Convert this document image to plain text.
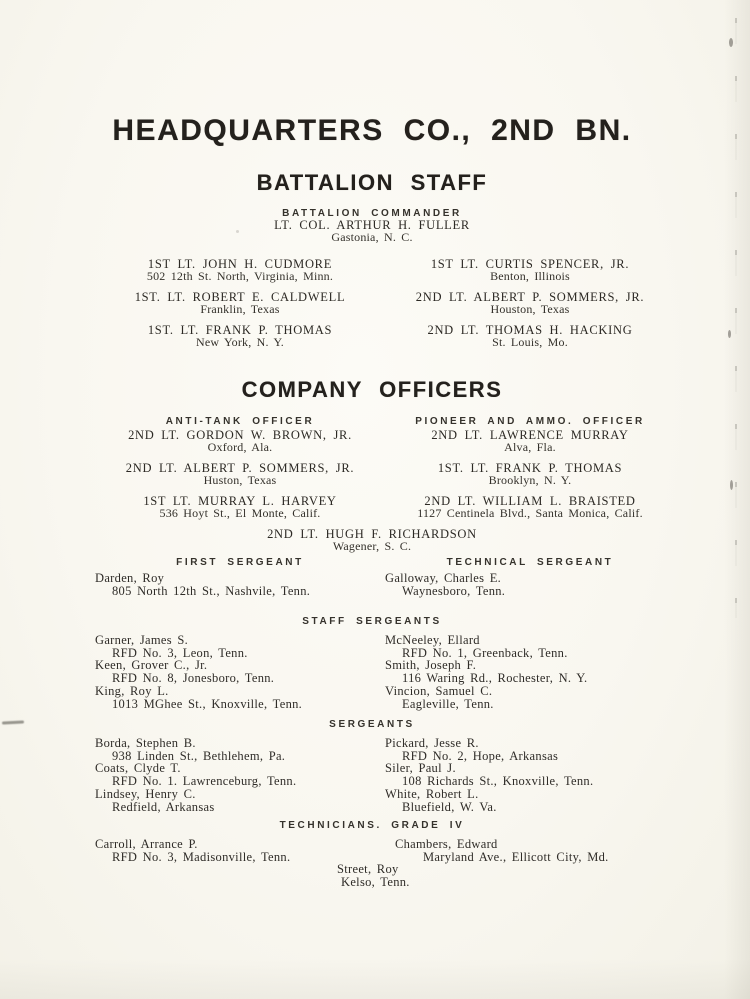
HEADQUARTERS CO., 2ND BN.
BATTALION STAFF
BATTALION COMMANDER
LT. COL. ARTHUR H. FULLER
Gastonia, N. C.
1ST LT. JOHN H. CUDMORE
502 12th St. North, Virginia, Minn.
1ST. LT. ROBERT E. CALDWELL
Franklin, Texas
1ST. LT. FRANK P. THOMAS
New York, N. Y.
1ST LT. CURTIS SPENCER, JR.
Benton, Illinois
2ND LT. ALBERT P. SOMMERS, JR.
Houston, Texas
2ND LT. THOMAS H. HACKING
St. Louis, Mo.
COMPANY OFFICERS
ANTI-TANK OFFICER
2ND LT. GORDON W. BROWN, JR.
Oxford, Ala.
2ND LT. ALBERT P. SOMMERS, JR.
Huston, Texas
1ST LT. MURRAY L. HARVEY
536 Hoyt St., El Monte, Calif.
PIONEER AND AMMO. OFFICER
2ND LT. LAWRENCE MURRAY
Alva, Fla.
1ST. LT. FRANK P. THOMAS
Brooklyn, N. Y.
2ND LT. WILLIAM L. BRAISTED
1127 Centinela Blvd., Santa Monica, Calif.
2ND LT. HUGH F. RICHARDSON
Wagener, S. C.
FIRST SERGEANT
Darden, Roy
805 North 12th St., Nashvile, Tenn.
TECHNICAL SERGEANT
Galloway, Charles E.
Waynesboro, Tenn.
STAFF SERGEANTS
Garner, James S.
RFD No. 3, Leon, Tenn.
Keen, Grover C., Jr.
RFD No. 8, Jonesboro, Tenn.
King, Roy L.
1013 MGhee St., Knoxville, Tenn.
McNeeley, Ellard
RFD No. 1, Greenback, Tenn.
Smith, Joseph F.
116 Waring Rd., Rochester, N. Y.
Vincion, Samuel C.
Eagleville, Tenn.
SERGEANTS
Borda, Stephen B.
938 Linden St., Bethlehem, Pa.
Coats, Clyde T.
RFD No. 1. Lawrenceburg, Tenn.
Lindsey, Henry C.
Redfield, Arkansas
Pickard, Jesse R.
RFD No. 2, Hope, Arkansas
Siler, Paul J.
108 Richards St., Knoxville, Tenn.
White, Robert L.
Bluefield, W. Va.
TECHNICIANS. GRADE IV
Carroll, Arrance P.
RFD No. 3, Madisonville, Tenn.
Chambers, Edward
Maryland Ave., Ellicott City, Md.
Street, Roy
Kelso, Tenn.
